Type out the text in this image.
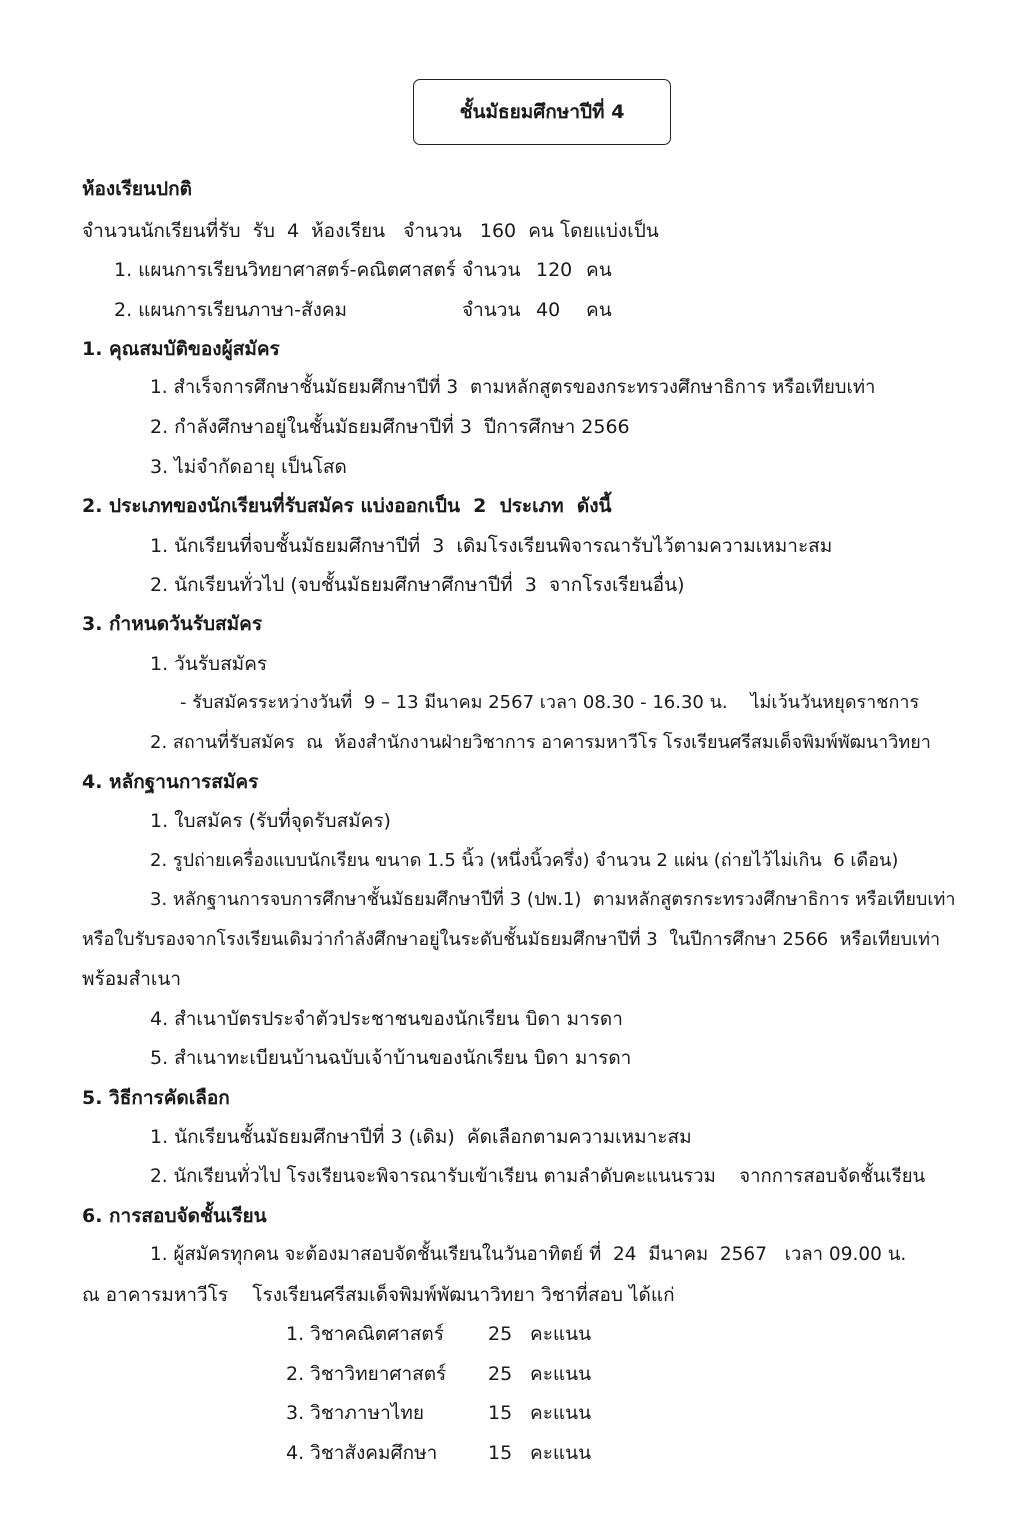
ชั้นมัธยมศึกษาปีที่ 4
ห้องเรียนปกติ
จำนวนนักเรียนที่รับ  รับ  4  ห้องเรียน   จำนวน   160  คน โดยแบ่งเป็น
1. แผนการเรียนวิทยาศาสตร์-คณิตศาสตร์ จำนวน 120 คน
2. แผนการเรียนภาษา-สังคม	จำนวน 40 คน
1. คุณสมบัติของผู้สมัคร
1. สำเร็จการศึกษาชั้นมัธยมศึกษาปีที่ 3  ตามหลักสูตรของกระทรวงศึกษาธิการ หรือเทียบเท่า
2. กำลังศึกษาอยู่ในชั้นมัธยมศึกษาปีที่ 3  ปีการศึกษา 2566
3. ไม่จำกัดอายุ เป็นโสด
2. ประเภทของนักเรียนที่รับสมัคร แบ่งออกเป็น  2  ประเภท  ดังนี้
1. นักเรียนที่จบชั้นมัธยมศึกษาปีที่  3  เดิมโรงเรียนพิจารณารับไว้ตามความเหมาะสม
2. นักเรียนทั่วไป (จบชั้นมัธยมศึกษาศึกษาปีที่  3  จากโรงเรียนอื่น)
3. กำหนดวันรับสมัคร
1. วันรับสมัคร
- รับสมัครระหว่างวันที่  9 – 13 มีนาคม 2567 เวลา 08.30 - 16.30 น.    ไม่เว้นวันหยุดราชการ
2. สถานที่รับสมัคร  ณ  ห้องสำนักงานฝ่ายวิชาการ อาคารมหาวีโร โรงเรียนศรีสมเด็จพิมพ์พัฒนาวิทยา
4. หลักฐานการสมัคร
1. ใบสมัคร (รับที่จุดรับสมัคร)
2. รูปถ่ายเครื่องแบบนักเรียน ขนาด 1.5 นิ้ว (หนึ่งนิ้วครึ่ง) จำนวน 2 แผ่น (ถ่ายไว้ไม่เกิน  6 เดือน)
3. หลักฐานการจบการศึกษาชั้นมัธยมศึกษาปีที่ 3 (ปพ.1)  ตามหลักสูตรกระทรวงศึกษาธิการ หรือเทียบเท่า
หรือใบรับรองจากโรงเรียนเดิมว่ากำลังศึกษาอยู่ในระดับชั้นมัธยมศึกษาปีที่ 3  ในปีการศึกษา 2566  หรือเทียบเท่า
พร้อมสำเนา
4. สำเนาบัตรประจำตัวประชาชนของนักเรียน บิดา มารดา
5. สำเนาทะเบียนบ้านฉบับเจ้าบ้านของนักเรียน บิดา มารดา
5. วิธีการคัดเลือก
1. นักเรียนชั้นมัธยมศึกษาปีที่ 3 (เดิม)  คัดเลือกตามความเหมาะสม
2. นักเรียนทั่วไป โรงเรียนจะพิจารณารับเข้าเรียน ตามลำดับคะแนนรวม    จากการสอบจัดชั้นเรียน
6. การสอบจัดชั้นเรียน
1. ผู้สมัครทุกคน จะต้องมาสอบจัดชั้นเรียนในวันอาทิตย์ ที่  24  มีนาคม  2567   เวลา 09.00 น.
ณ อาคารมหาวีโร    โรงเรียนศรีสมเด็จพิมพ์พัฒนาวิทยา วิชาที่สอบ ได้แก่
1. วิชาคณิตศาสตร์ 25 คะแนน
2. วิชาวิทยาศาสตร์ 25 คะแนน
3. วิชาภาษาไทย	15 คะแนน
4. วิชาสังคมศึกษา	15 คะแนน
